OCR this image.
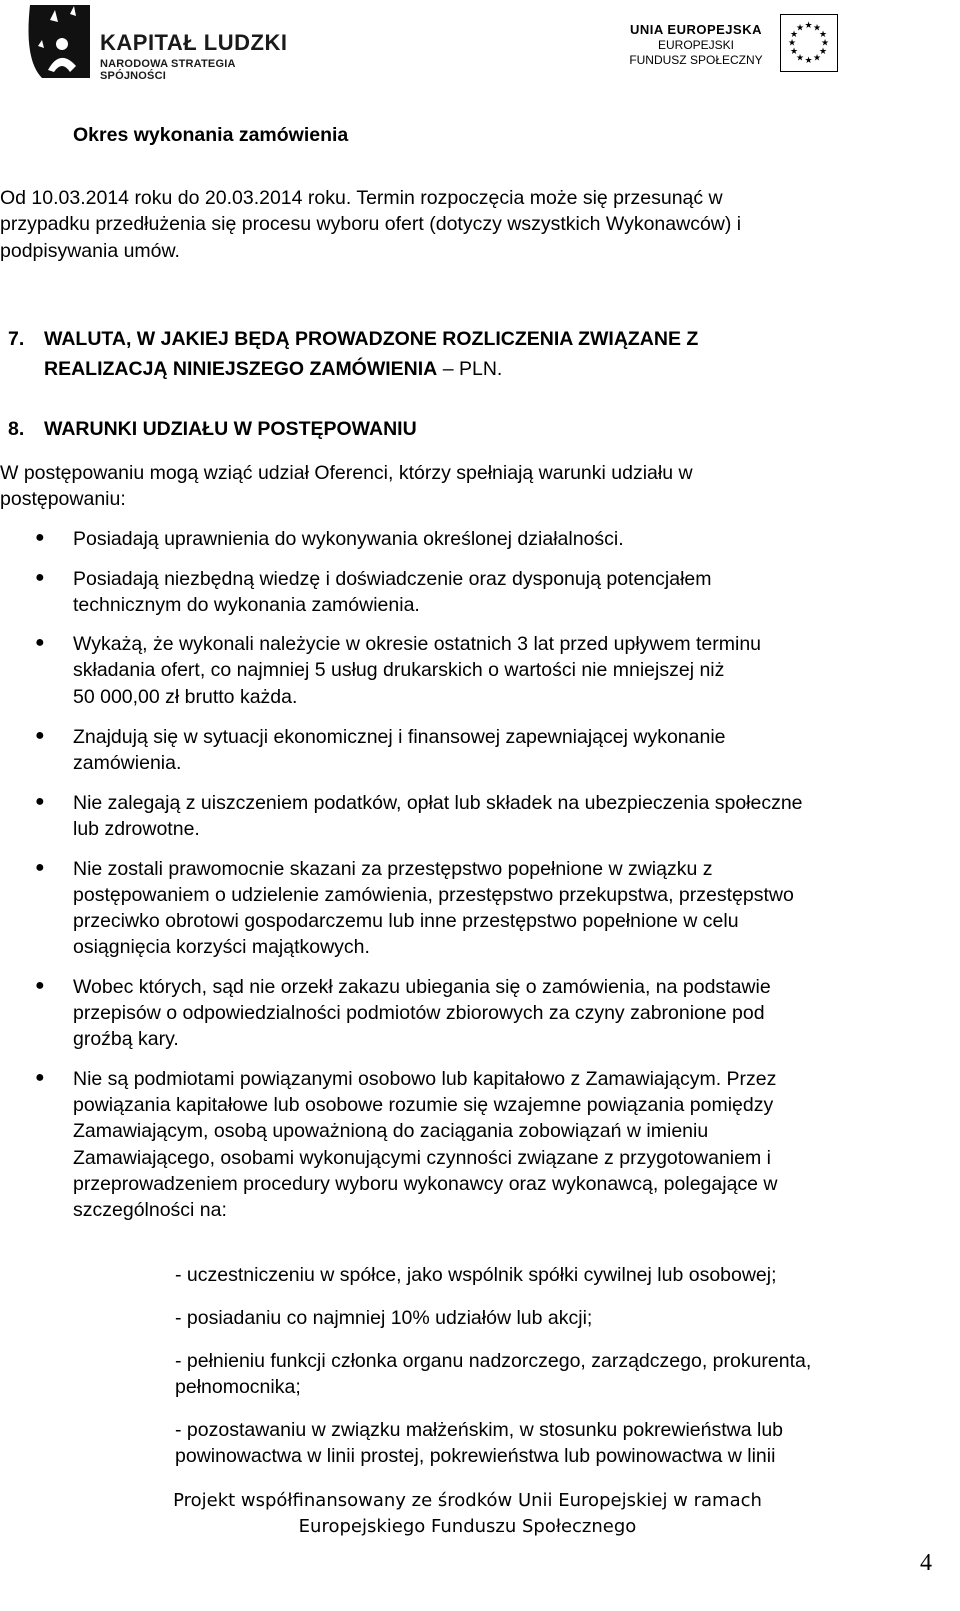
KAPITAŁ LUDZKI
NARODOWA STRATEGIA SPÓJNOŚCI
UNIA EUROPEJSKA
EUROPEJSKI
FUNDUSZ SPOŁECZNY
★ ★
★
★
★
★
★
★
★
★
★
★
Okres wykonania zamówienia
Od 10.03.2014 roku do 20.03.2014 roku. Termin rozpoczęcia może się przesunąć w
przypadku przedłużenia się procesu wyboru ofert (dotyczy wszystkich Wykonawców) i
podpisywania umów.
7. WALUTA, W JAKIEJ BĘDĄ PROWADZONE ROZLICZENIA ZWIĄZANE Z
REALIZACJĄ NINIEJSZEGO ZAMÓWIENIA – PLN.
8. WARUNKI UDZIAŁU W POSTĘPOWANIU
W postępowaniu mogą wziąć udział Oferenci, którzy spełniają warunki udziału w
postępowaniu:
● Posiadają uprawnienia do wykonywania określonej działalności.
● Posiadają niezbędną wiedzę i doświadczenie oraz dysponują potencjałem
technicznym do wykonania zamówienia.
● Wykażą, że wykonali należycie w okresie ostatnich 3 lat przed upływem terminu
składania ofert, co najmniej 5 usług drukarskich o wartości nie mniejszej niż
50 000,00 zł brutto każda.
● Znajdują się w sytuacji ekonomicznej i finansowej zapewniającej wykonanie
zamówienia.
● Nie zalegają z uiszczeniem podatków, opłat lub składek na ubezpieczenia społeczne
lub zdrowotne.
● Nie zostali prawomocnie skazani za przestępstwo popełnione w związku z
postępowaniem o udzielenie zamówienia, przestępstwo przekupstwa, przestępstwo
przeciwko obrotowi gospodarczemu lub inne przestępstwo popełnione w celu
osiągnięcia korzyści majątkowych.
● Wobec których, sąd nie orzekł zakazu ubiegania się o zamówienia, na podstawie
przepisów o odpowiedzialności podmiotów zbiorowych za czyny zabronione pod
groźbą kary.
● Nie są podmiotami powiązanymi osobowo lub kapitałowo z Zamawiającym. Przez
powiązania kapitałowe lub osobowe rozumie się wzajemne powiązania pomiędzy
Zamawiającym, osobą upoważnioną do zaciągania zobowiązań w imieniu
Zamawiającego, osobami wykonującymi czynności związane z przygotowaniem i
przeprowadzeniem procedury wyboru wykonawcy oraz wykonawcą, polegające w
szczególności na:
- uczestniczeniu w spółce, jako wspólnik spółki cywilnej lub osobowej;
- posiadaniu co najmniej 10% udziałów lub akcji;
- pełnieniu funkcji członka organu nadzorczego, zarządczego, prokurenta,
pełnomocnika;
- pozostawaniu w związku małżeńskim, w stosunku pokrewieństwa lub
powinowactwa w linii prostej, pokrewieństwa lub powinowactwa w linii
Projekt współfinansowany ze środków Unii Europejskiej w ramach
Europejskiego Funduszu Społecznego
4
